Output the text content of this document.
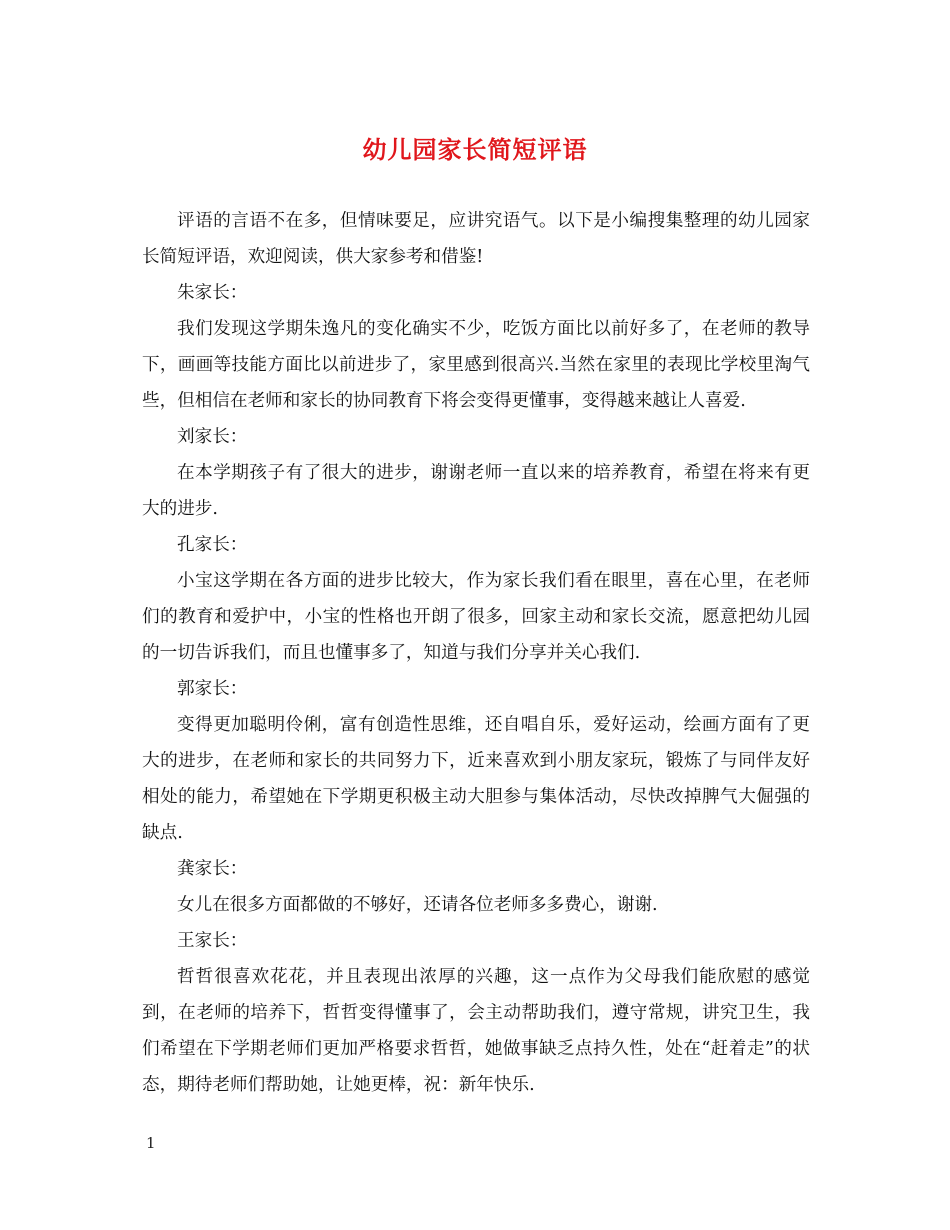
幼儿园家长简短评语

评语的言语不在多，但情味要足，应讲究语气。以下是小编搜集整理的幼儿园家长简短评语，欢迎阅读，供大家参考和借鉴!

朱家长：

我们发现这学期朱逸凡的变化确实不少，吃饭方面比以前好多了，在老师的教导下，画画等技能方面比以前进步了，家里感到很高兴.当然在家里的表现比学校里淘气些，但相信在老师和家长的协同教育下将会变得更懂事，变得越来越让人喜爱.

刘家长：

在本学期孩子有了很大的进步，谢谢老师一直以来的培养教育，希望在将来有更大的进步.

孔家长：

小宝这学期在各方面的进步比较大，作为家长我们看在眼里，喜在心里，在老师们的教育和爱护中，小宝的性格也开朗了很多，回家主动和家长交流，愿意把幼儿园的一切告诉我们，而且也懂事多了，知道与我们分享并关心我们.

郭家长：

变得更加聪明伶俐，富有创造性思维，还自唱自乐，爱好运动，绘画方面有了更大的进步，在老师和家长的共同努力下，近来喜欢到小朋友家玩，锻炼了与同伴友好相处的能力，希望她在下学期更积极主动大胆参与集体活动，尽快改掉脾气大倔强的缺点.

龚家长：

女儿在很多方面都做的不够好，还请各位老师多多费心，谢谢.

王家长：

哲哲很喜欢花花，并且表现出浓厚的兴趣，这一点作为父母我们能欣慰的感觉到，在老师的培养下，哲哲变得懂事了，会主动帮助我们，遵守常规，讲究卫生，我们希望在下学期老师们更加严格要求哲哲，她做事缺乏点持久性，处在“赶着走”的状态，期待老师们帮助她，让她更棒，祝：新年快乐.

1
